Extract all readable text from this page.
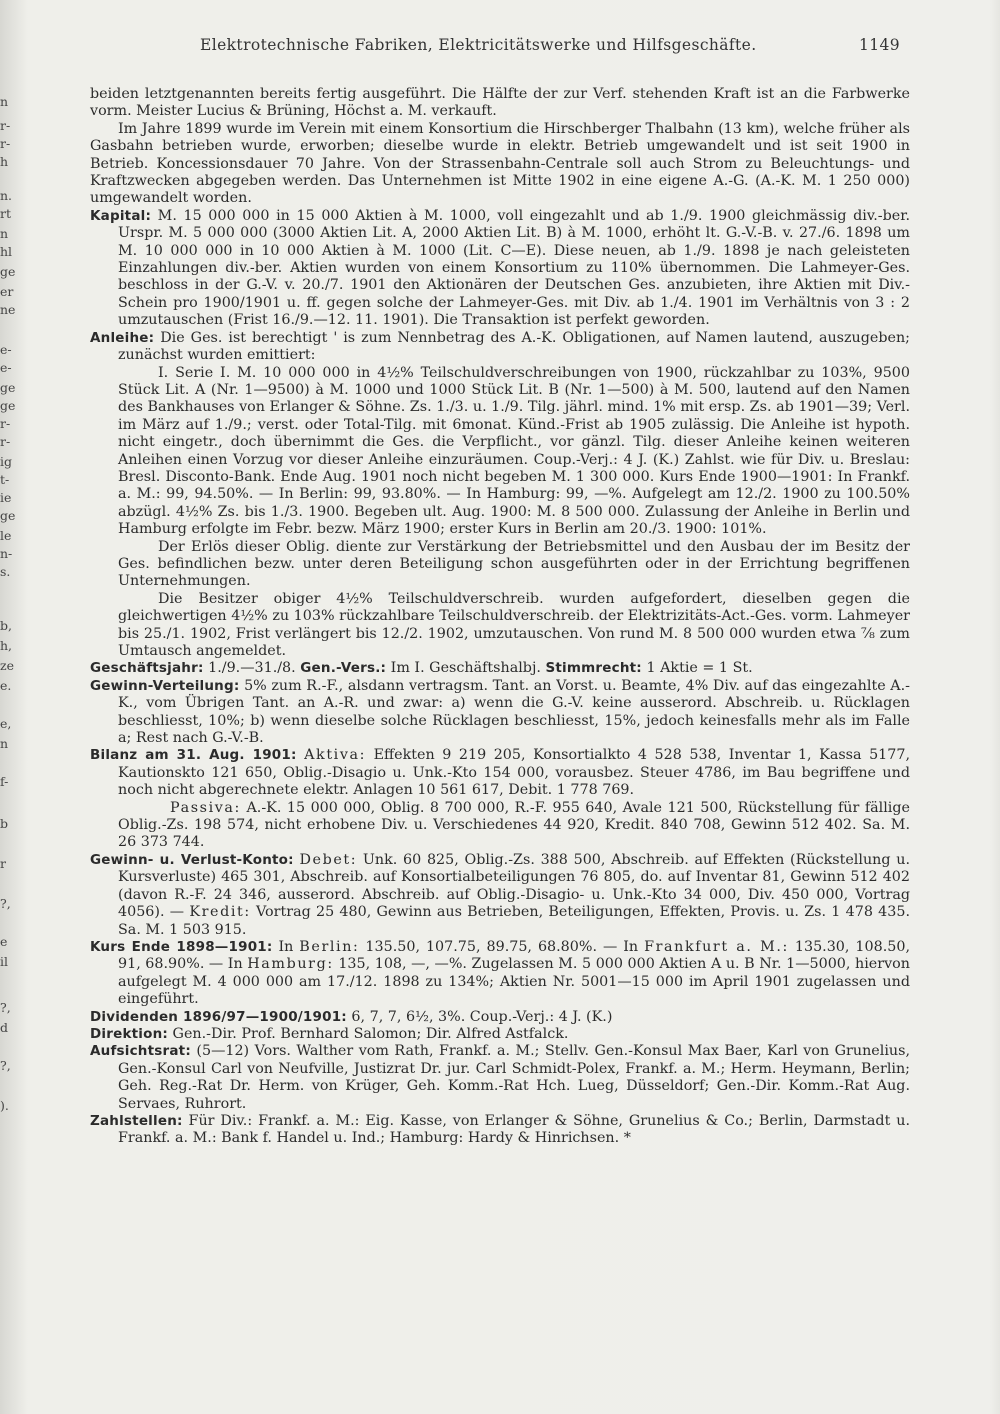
n
r-
r-
h
n.
rt
n
hl
ge
er
ne
e-
e-
ge
ge
r-
r-
ig
t-
ie
ge
le
n-
s.
b,
h,
ze
e.
e,
n
f-
b
r
?,
e
il
?,
d
?,
).
Elektrotechnische Fabriken, Elektricitätswerke und Hilfsgeschäfte.	1149

beiden letztgenannten bereits fertig ausgeführt. Die Hälfte der zur Verf. stehenden Kraft ist an die Farbwerke vorm. Meister Lucius & Brüning, Höchst a. M. verkauft.

Im Jahre 1899 wurde im Verein mit einem Konsortium die Hirschberger Thalbahn (13 km), welche früher als Gasbahn betrieben wurde, erworben; dieselbe wurde in elektr. Betrieb umgewandelt und ist seit 1900 in Betrieb. Koncessionsdauer 70 Jahre. Von der Strassenbahn-Centrale soll auch Strom zu Beleuchtungs- und Kraftzwecken abgegeben werden. Das Unternehmen ist Mitte 1902 in eine eigene A.-G. (A.-K. M. 1 250 000) umgewandelt worden.

Kapital: M. 15 000 000 in 15 000 Aktien à M. 1000, voll eingezahlt und ab 1./9. 1900 gleichmässig div.-ber. Urspr. M. 5 000 000 (3000 Aktien Lit. A, 2000 Aktien Lit. B) à M. 1000, erhöht lt. G.-V.-B. v. 27./6. 1898 um M. 10 000 000 in 10 000 Aktien à M. 1000 (Lit. C—E). Diese neuen, ab 1./9. 1898 je nach geleisteten Einzahlungen div.-ber. Aktien wurden von einem Konsortium zu 110% übernommen. Die Lahmeyer-Ges. beschloss in der G.-V. v. 20./7. 1901 den Aktionären der Deutschen Ges. anzubieten, ihre Aktien mit Div.-Schein pro 1900/1901 u. ff. gegen solche der Lahmeyer-Ges. mit Div. ab 1./4. 1901 im Verhältnis von 3 : 2 umzutauschen (Frist 16./9.—12. 11. 1901). Die Transaktion ist perfekt geworden.

Anleihe: Die Ges. ist berechtigt ' is zum Nennbetrag des A.-K. Obligationen, auf Namen lautend, auszugeben; zunächst wurden emittiert:

I. Serie I. M. 10 000 000 in 4½% Teilschuldverschreibungen von 1900, rückzahlbar zu 103%, 9500 Stück Lit. A (Nr. 1—9500) à M. 1000 und 1000 Stück Lit. B (Nr. 1—500) à M. 500, lautend auf den Namen des Bankhauses von Erlanger & Söhne. Zs. 1./3. u. 1./9. Tilg. jährl. mind. 1% mit ersp. Zs. ab 1901—39; Verl. im März auf 1./9.; verst. oder Total-Tilg. mit 6monat. Künd.-Frist ab 1905 zulässig. Die Anleihe ist hypoth. nicht eingetr., doch übernimmt die Ges. die Verpflicht., vor gänzl. Tilg. dieser Anleihe keinen weiteren Anleihen einen Vorzug vor dieser Anleihe einzuräumen. Coup.-Verj.: 4 J. (K.) Zahlst. wie für Div. u. Breslau: Bresl. Disconto-Bank. Ende Aug. 1901 noch nicht begeben M. 1 300 000. Kurs Ende 1900—1901: In Frankf. a. M.: 99, 94.50%. — In Berlin: 99, 93.80%. — In Hamburg: 99, —%. Aufgelegt am 12./2. 1900 zu 100.50% abzügl. 4½% Zs. bis 1./3. 1900. Begeben ult. Aug. 1900: M. 8 500 000. Zulassung der Anleihe in Berlin und Hamburg erfolgte im Febr. bezw. März 1900; erster Kurs in Berlin am 20./3. 1900: 101%.

Der Erlös dieser Oblig. diente zur Verstärkung der Betriebsmittel und den Ausbau der im Besitz der Ges. befindlichen bezw. unter deren Beteiligung schon ausgeführten oder in der Errichtung begriffenen Unternehmungen.

Die Besitzer obiger 4½% Teilschuldverschreib. wurden aufgefordert, dieselben gegen die gleichwertigen 4½% zu 103% rückzahlbare Teilschuldverschreib. der Elektrizitäts-Act.-Ges. vorm. Lahmeyer bis 25./1. 1902, Frist verlängert bis 12./2. 1902, umzutauschen. Von rund M. 8 500 000 wurden etwa ⅞ zum Umtausch angemeldet.

Geschäftsjahr: 1./9.—31./8. Gen.-Vers.: Im I. Geschäftshalbj. Stimmrecht: 1 Aktie = 1 St.

Gewinn-Verteilung: 5% zum R.-F., alsdann vertragsm. Tant. an Vorst. u. Beamte, 4% Div. auf das eingezahlte A.-K., vom Übrigen Tant. an A.-R. und zwar: a) wenn die G.-V. keine ausserord. Abschreib. u. Rücklagen beschliesst, 10%; b) wenn dieselbe solche Rücklagen beschliesst, 15%, jedoch keinesfalls mehr als im Falle a; Rest nach G.-V.-B.

Bilanz am 31. Aug. 1901: Aktiva: Effekten 9 219 205, Konsortialkto 4 528 538, Inventar 1, Kassa 5177, Kautionskto 121 650, Oblig.-Disagio u. Unk.-Kto 154 000, vorausbez. Steuer 4786, im Bau begriffene und noch nicht abgerechnete elektr. Anlagen 10 561 617, Debit. 1 778 769.

Passiva: A.-K. 15 000 000, Oblig. 8 700 000, R.-F. 955 640, Avale 121 500, Rückstellung für fällige Oblig.-Zs. 198 574, nicht erhobene Div. u. Verschiedenes 44 920, Kredit. 840 708, Gewinn 512 402. Sa. M. 26 373 744.

Gewinn- u. Verlust-Konto: Debet: Unk. 60 825, Oblig.-Zs. 388 500, Abschreib. auf Effekten (Rückstellung u. Kursverluste) 465 301, Abschreib. auf Konsortialbeteiligungen 76 805, do. auf Inventar 81, Gewinn 512 402 (davon R.-F. 24 346, ausserord. Abschreib. auf Oblig.-Disagio- u. Unk.-Kto 34 000, Div. 450 000, Vortrag 4056). — Kredit: Vortrag 25 480, Gewinn aus Betrieben, Beteiligungen, Effekten, Provis. u. Zs. 1 478 435. Sa. M. 1 503 915.

Kurs Ende 1898—1901: In Berlin: 135.50, 107.75, 89.75, 68.80%. — In Frankfurt a. M.: 135.30, 108.50, 91, 68.90%. — In Hamburg: 135, 108, —, —%. Zugelassen M. 5 000 000 Aktien A u. B Nr. 1—5000, hiervon aufgelegt M. 4 000 000 am 17./12. 1898 zu 134%; Aktien Nr. 5001—15 000 im April 1901 zugelassen und eingeführt.

Dividenden 1896/97—1900/1901: 6, 7, 7, 6½, 3%. Coup.-Verj.: 4 J. (K.)

Direktion: Gen.-Dir. Prof. Bernhard Salomon; Dir. Alfred Astfalck.

Aufsichtsrat: (5—12) Vors. Walther vom Rath, Frankf. a. M.; Stellv. Gen.-Konsul Max Baer, Karl von Grunelius, Gen.-Konsul Carl von Neufville, Justizrat Dr. jur. Carl Schmidt-Polex, Frankf. a. M.; Herm. Heymann, Berlin; Geh. Reg.-Rat Dr. Herm. von Krüger, Geh. Komm.-Rat Hch. Lueg, Düsseldorf; Gen.-Dir. Komm.-Rat Aug. Servaes, Ruhrort.

Zahlstellen: Für Div.: Frankf. a. M.: Eig. Kasse, von Erlanger & Söhne, Grunelius & Co.; Berlin, Darmstadt u. Frankf. a. M.: Bank f. Handel u. Ind.; Hamburg: Hardy & Hinrichsen. *
